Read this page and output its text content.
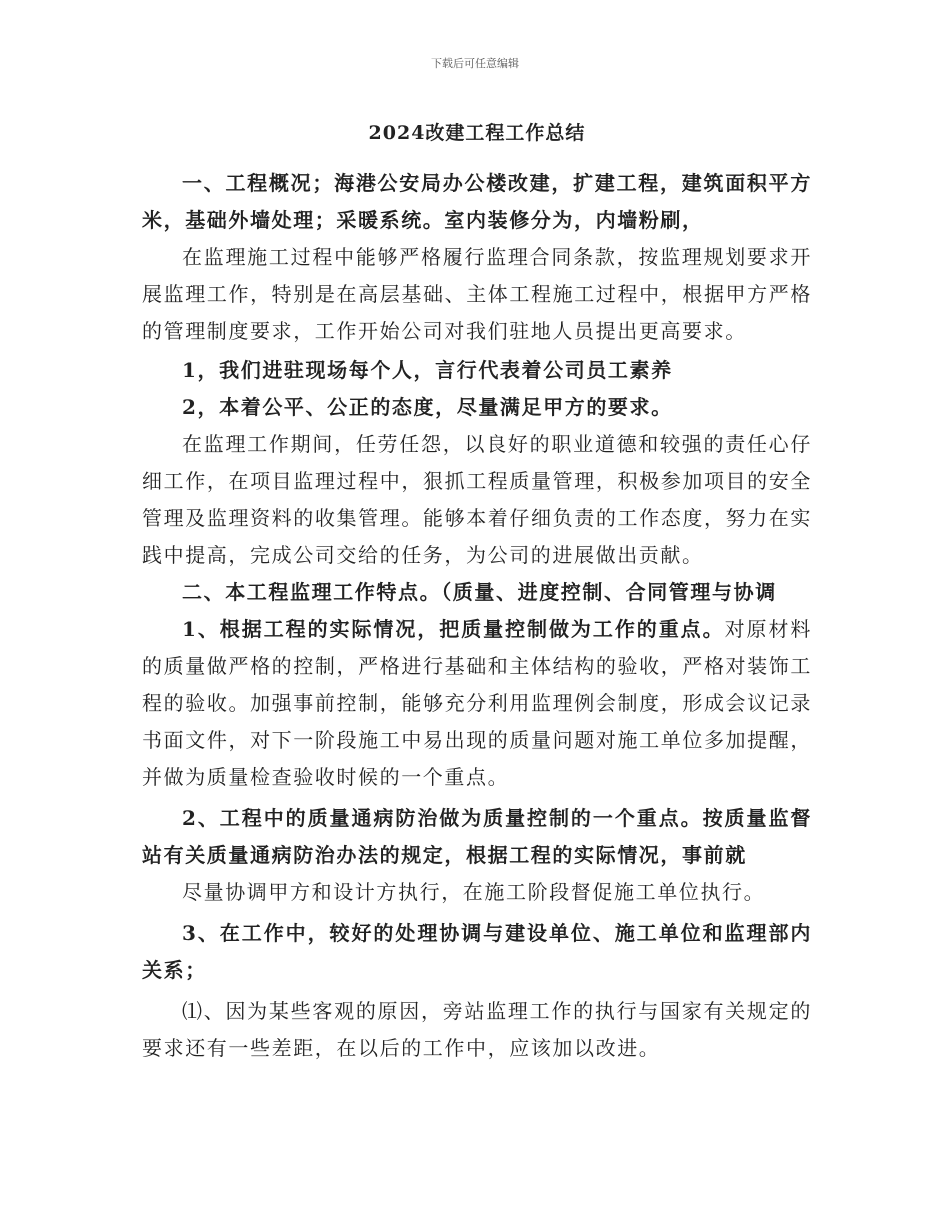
下载后可任意编辑
2024改建工程工作总结

一、工程概况；海港公安局办公楼改建，扩建工程，建筑面积平方米，基础外墙处理；采暖系统。室内装修分为，内墙粉刷，

在监理施工过程中能够严格履行监理合同条款，按监理规划要求开展监理工作，特别是在高层基础、主体工程施工过程中，根据甲方严格的管理制度要求，工作开始公司对我们驻地人员提出更高要求。

1，我们进驻现场每个人，言行代表着公司员工素养

2，本着公平、公正的态度，尽量满足甲方的要求。

在监理工作期间，任劳任怨，以良好的职业道德和较强的责任心仔细工作，在项目监理过程中，狠抓工程质量管理，积极参加项目的安全管理及监理资料的收集管理。能够本着仔细负责的工作态度，努力在实践中提高，完成公司交给的任务，为公司的进展做出贡献。

二、本工程监理工作特点。（质量、进度控制、合同管理与协调

1、根据工程的实际情况，把质量控制做为工作的重点。对原材料的质量做严格的控制，严格进行基础和主体结构的验收，严格对装饰工程的验收。加强事前控制，能够充分利用监理例会制度，形成会议记录书面文件，对下一阶段施工中易出现的质量问题对施工单位多加提醒，并做为质量检查验收时候的一个重点。

2、工程中的质量通病防治做为质量控制的一个重点。按质量监督站有关质量通病防治办法的规定，根据工程的实际情况，事前就

尽量协调甲方和设计方执行，在施工阶段督促施工单位执行。

3、在工作中，较好的处理协调与建设单位、施工单位和监理部内关系；

⑴、因为某些客观的原因，旁站监理工作的执行与国家有关规定的要求还有一些差距，在以后的工作中，应该加以改进。
